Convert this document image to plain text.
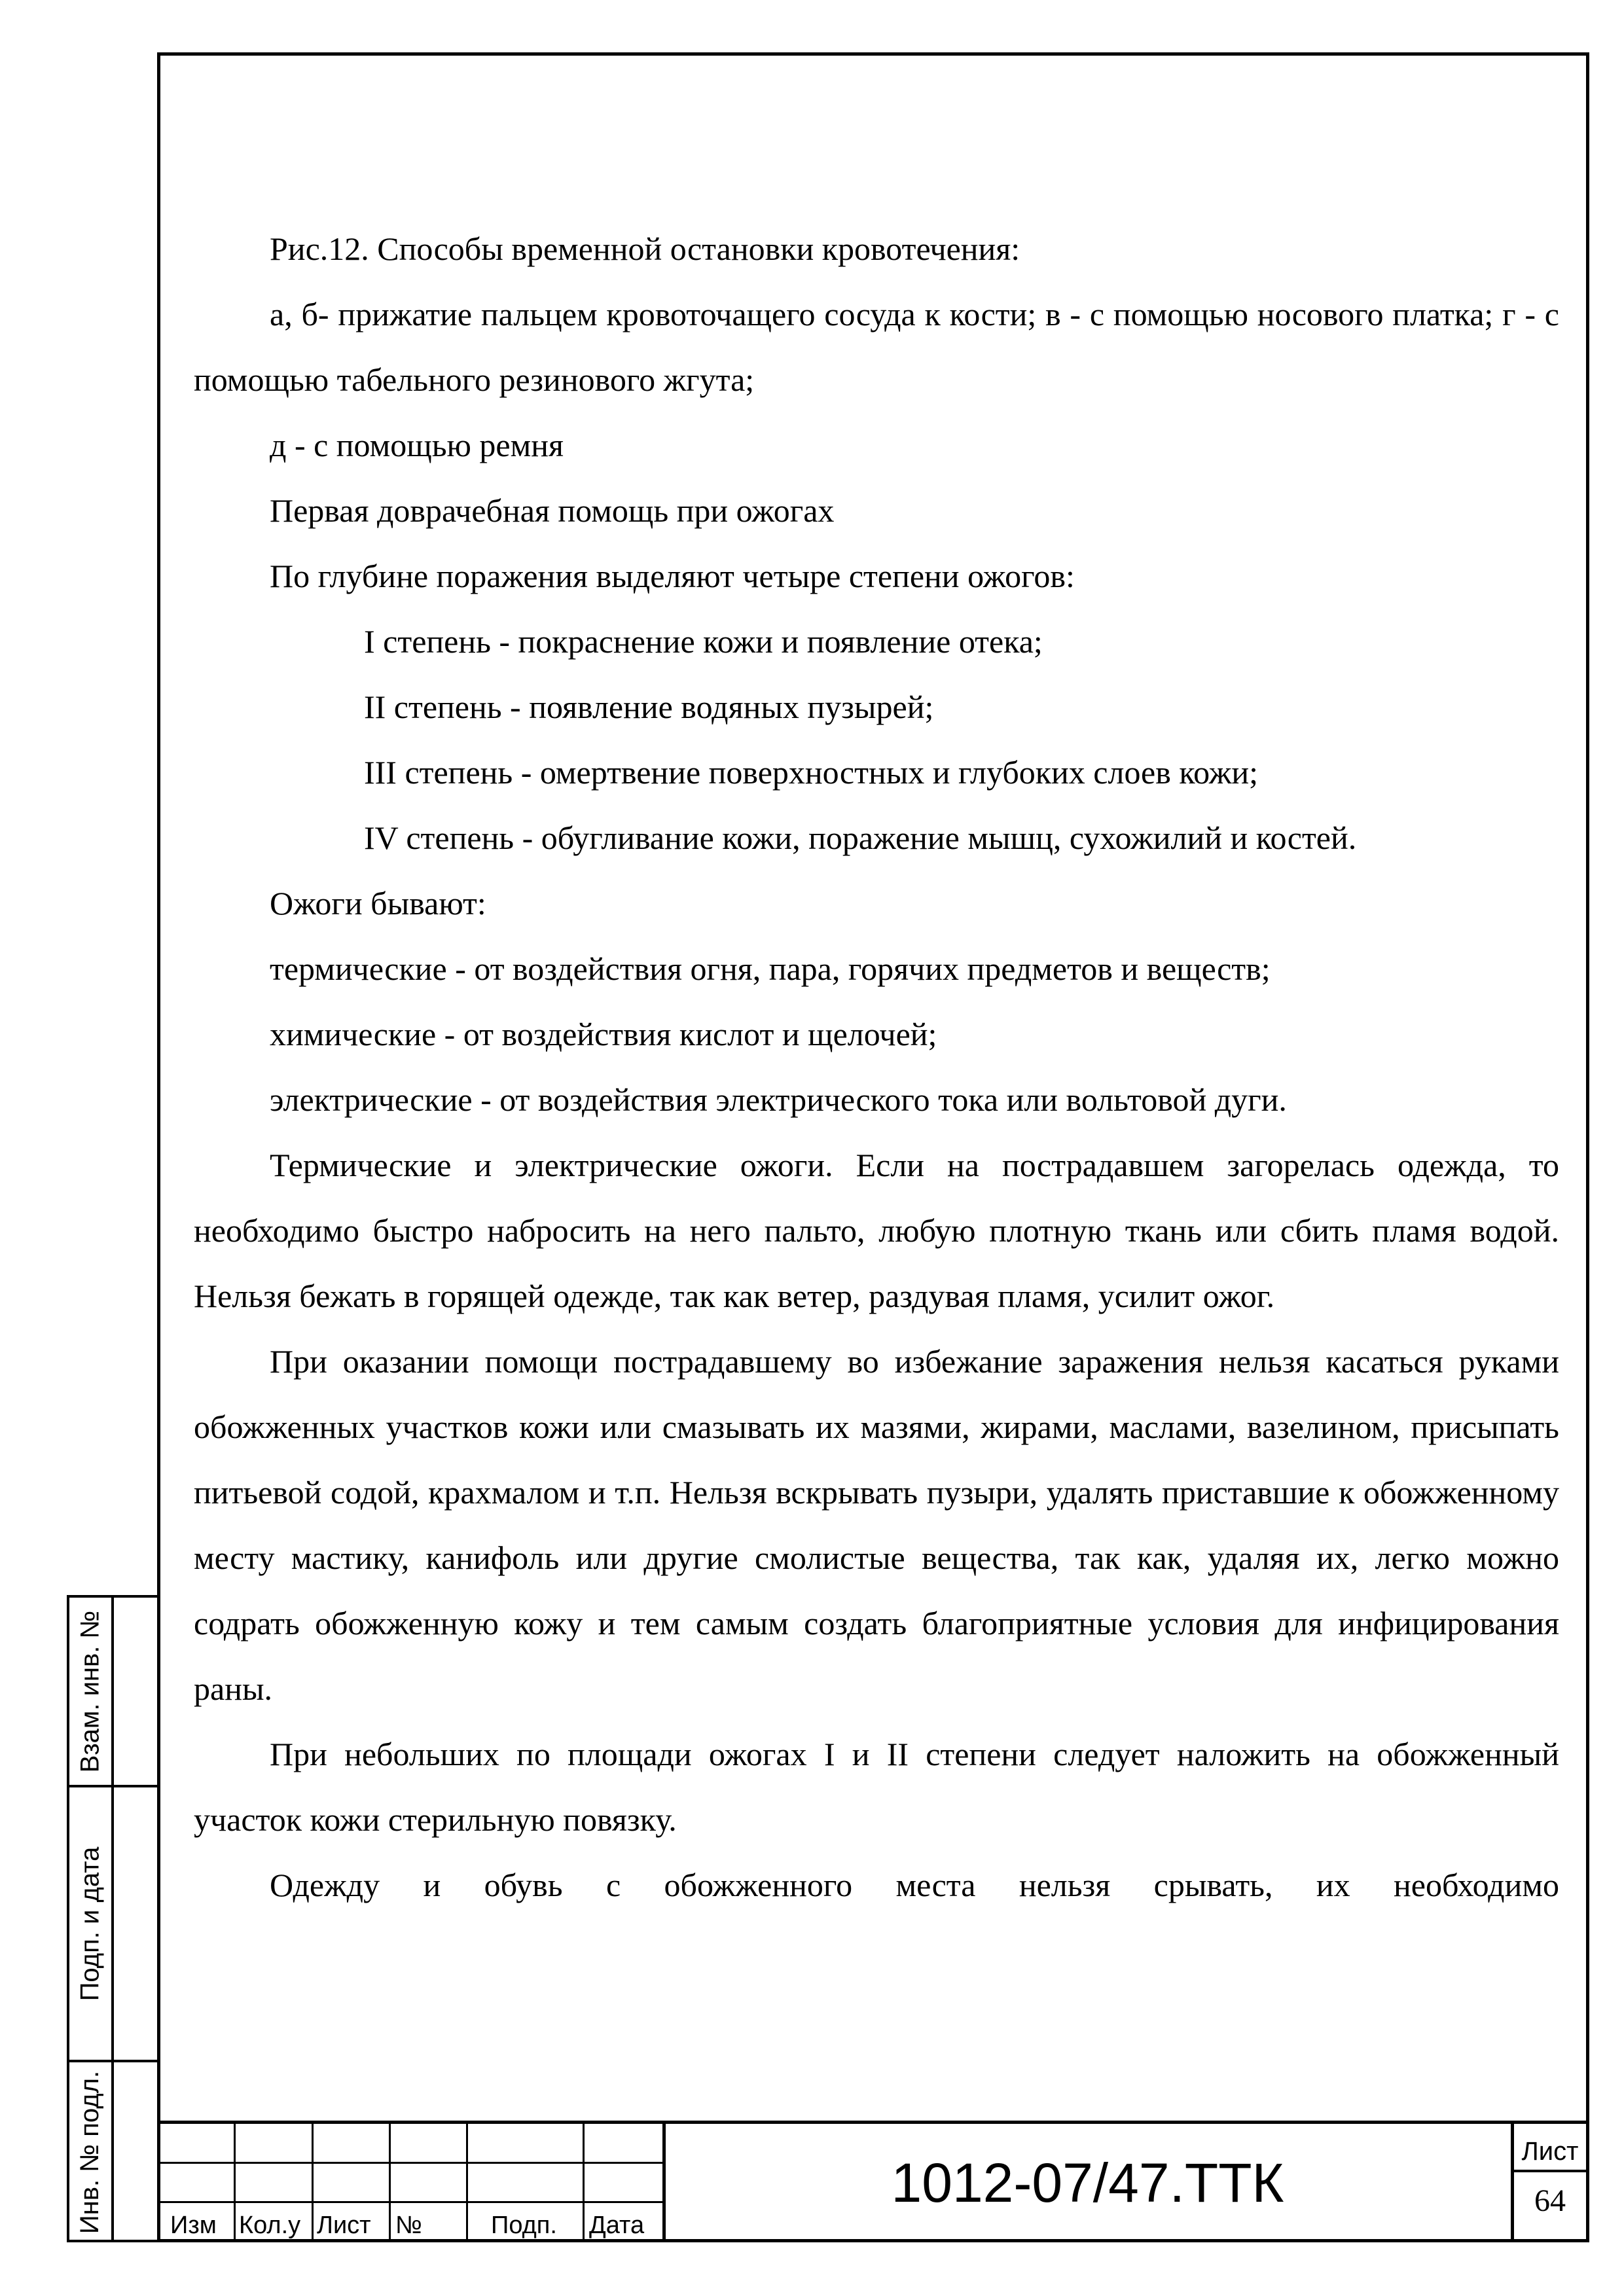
Взам. инв. №
Подп. и дата
Инв. № подл.

Рис.12. Способы временной остановки кровотечения:

а, б- прижатие пальцем кровоточащего сосуда к кости; в - с помощью носового платка; г - с помощью табельного резинового жгута;

д - с помощью ремня

Первая доврачебная помощь при ожогах

По глубине поражения выделяют четыре степени ожогов:

I степень - покраснение кожи и появление отека;

II степень - появление водяных пузырей;

III степень - омертвение поверхностных и глубоких слоев кожи;

IV степень - обугливание кожи, поражение мышц, сухожилий и костей.

Ожоги бывают:

термические - от воздействия огня, пара, горячих предметов и веществ;

химические - от воздействия кислот и щелочей;

электрические - от воздействия электрического тока или вольтовой дуги.

Термические и электрические ожоги. Если на пострадавшем загорелась одежда, то необходимо быстро набросить на него пальто, любую плотную ткань или сбить пламя водой. Нельзя бежать в горящей одежде, так как ветер, раздувая пламя, усилит ожог.

При оказании помощи пострадавшему во избежание заражения нельзя касаться руками обожженных участков кожи или смазывать их мазями, жирами, маслами, вазелином, присыпать питьевой содой, крахмалом и т.п. Нельзя вскрывать пузыри, удалять приставшие к обожженному месту мастику, канифоль или другие смолистые вещества, так как, удаляя их, легко можно содрать обожженную кожу и тем самым создать благоприятные условия для инфицирования раны.

При небольших по площади ожогах I и II степени следует наложить на обожженный участок кожи стерильную повязку.

Одежду и обувь с обожженного места нельзя срывать, их необходимо

Изм Кол.у Лист №	Подп. Дата
1012-07/47.ТТК
Лист
64
